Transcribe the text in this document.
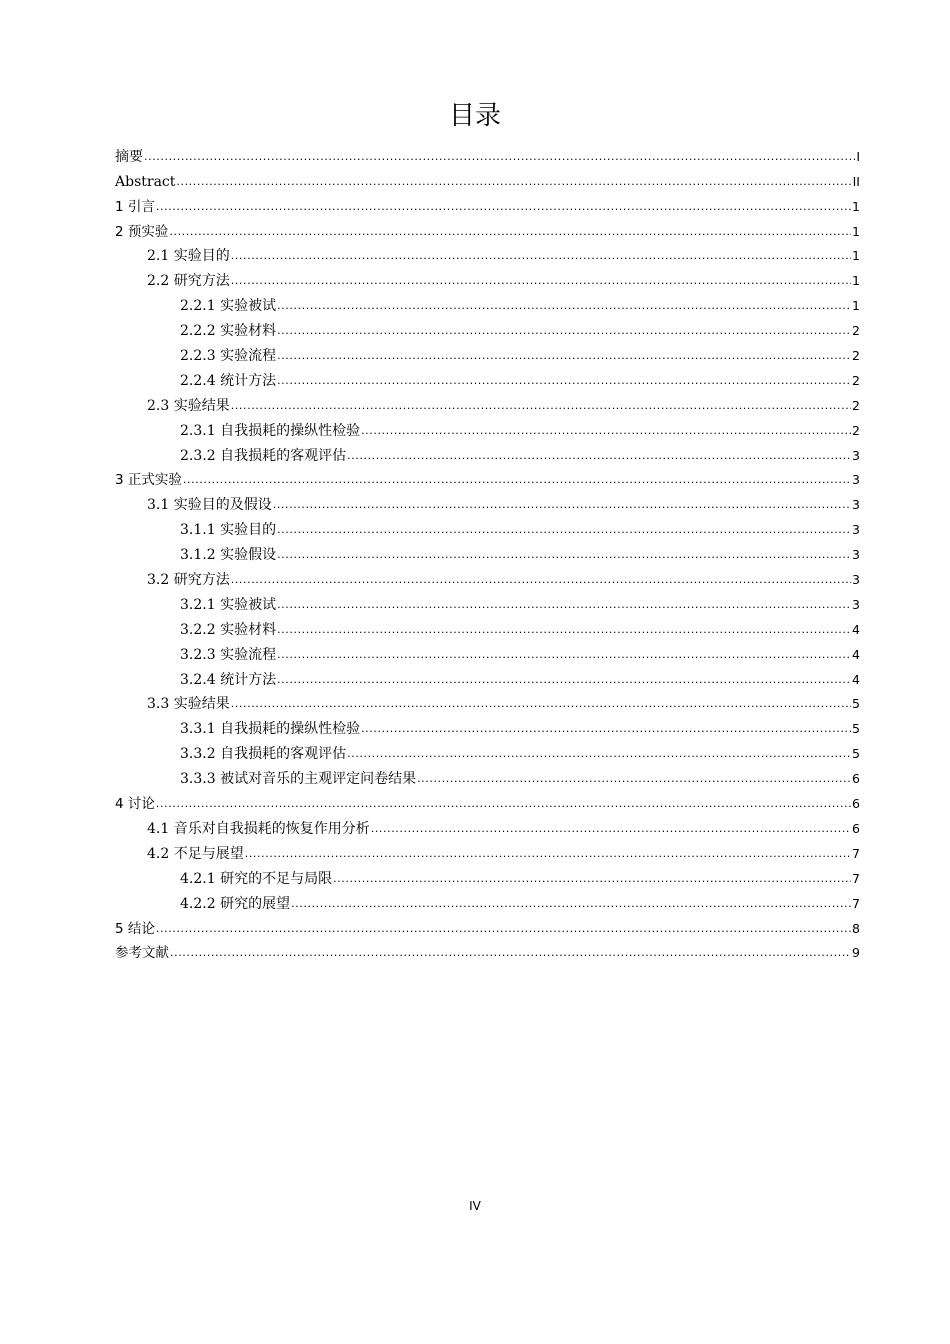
目录
摘要 .....	I
Abstract .....	II
1 引言 .....	1
2 预实验 .....	1
2.1 实验目的 .....	1
2.2 研究方法 .....	1
2.2.1 实验被试 .....	1
2.2.2 实验材料 .....	2
2.2.3 实验流程 .....	2
2.2.4 统计方法 .....	2
2.3 实验结果 .....	2
2.3.1 自我损耗的操纵性检验 .....	2
2.3.2 自我损耗的客观评估 .....	3
3 正式实验 .....	3
3.1 实验目的及假设 .....	3
3.1.1 实验目的 .....	3
3.1.2 实验假设 .....	3
3.2 研究方法 .....	3
3.2.1 实验被试 .....	3
3.2.2 实验材料 .....	4
3.2.3 实验流程 .....	4
3.2.4 统计方法 .....	4
3.3 实验结果 .....	5
3.3.1 自我损耗的操纵性检验 .....	5
3.3.2 自我损耗的客观评估 .....	5
3.3.3 被试对音乐的主观评定问卷结果 .....	6
4 讨论 .....	6
4.1 音乐对自我损耗的恢复作用分析 .....	6
4.2 不足与展望 .....	7
4.2.1 研究的不足与局限 .....	7
4.2.2 研究的展望 .....	7
5 结论 .....	8
参考文献 .....	9
IV
